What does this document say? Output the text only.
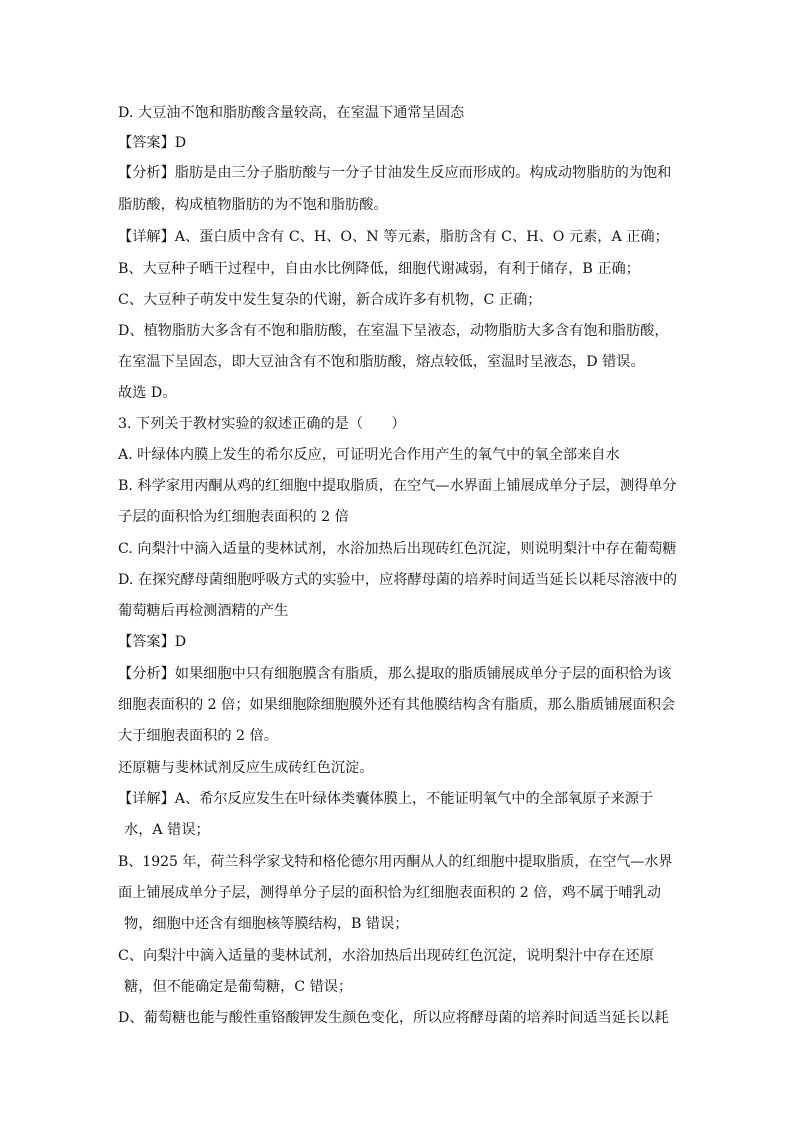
D. 大豆油不饱和脂肪酸含量较高，在室温下通常呈固态
【答案】D
【分析】脂肪是由三分子脂肪酸与一分子甘油发生反应而形成的。构成动物脂肪的为饱和
脂肪酸，构成植物脂肪的为不饱和脂肪酸。
【详解】A、蛋白质中含有 C、H、O、N 等元素，脂肪含有 C、H、O 元素，A 正确；
B、大豆种子晒干过程中，自由水比例降低，细胞代谢减弱，有利于储存，B 正确；
C、大豆种子萌发中发生复杂的代谢，新合成许多有机物，C 正确；
D、植物脂肪大多含有不饱和脂肪酸，在室温下呈液态，动物脂肪大多含有饱和脂肪酸，
在室温下呈固态，即大豆油含有不饱和脂肪酸，熔点较低，室温时呈液态，D 错误。
故选 D。
3. 下列关于教材实验的叙述正确的是（　　）
A. 叶绿体内膜上发生的希尔反应，可证明光合作用产生的氧气中的氧全部来自水
B. 科学家用丙酮从鸡的红细胞中提取脂质，在空气—水界面上铺展成单分子层，测得单分
子层的面积恰为红细胞表面积的 2 倍
C. 向梨汁中滴入适量的斐林试剂，水浴加热后出现砖红色沉淀，则说明梨汁中存在葡萄糖
D. 在探究酵母菌细胞呼吸方式的实验中，应将酵母菌的培养时间适当延长以耗尽溶液中的
葡萄糖后再检测酒精的产生
【答案】D
【分析】如果细胞中只有细胞膜含有脂质，那么提取的脂质铺展成单分子层的面积恰为该
细胞表面积的 2 倍；如果细胞除细胞膜外还有其他膜结构含有脂质，那么脂质铺展面积会
大于细胞表面积的 2 倍。
还原糖与斐林试剂反应生成砖红色沉淀。
【详解】A、希尔反应发生在叶绿体类囊体膜上，不能证明氧气中的全部氧原子来源于
水，A 错误；
B、1925 年，荷兰科学家戈特和格伦德尔用丙酮从人的红细胞中提取脂质，在空气—水界
面上铺展成单分子层，测得单分子层的面积恰为红细胞表面积的 2 倍，鸡不属于哺乳动
物，细胞中还含有细胞核等膜结构，B 错误；
C、向梨汁中滴入适量的斐林试剂，水浴加热后出现砖红色沉淀，说明梨汁中存在还原
糖，但不能确定是葡萄糖，C 错误；
D、葡萄糖也能与酸性重铬酸钾发生颜色变化，所以应将酵母菌的培养时间适当延长以耗
